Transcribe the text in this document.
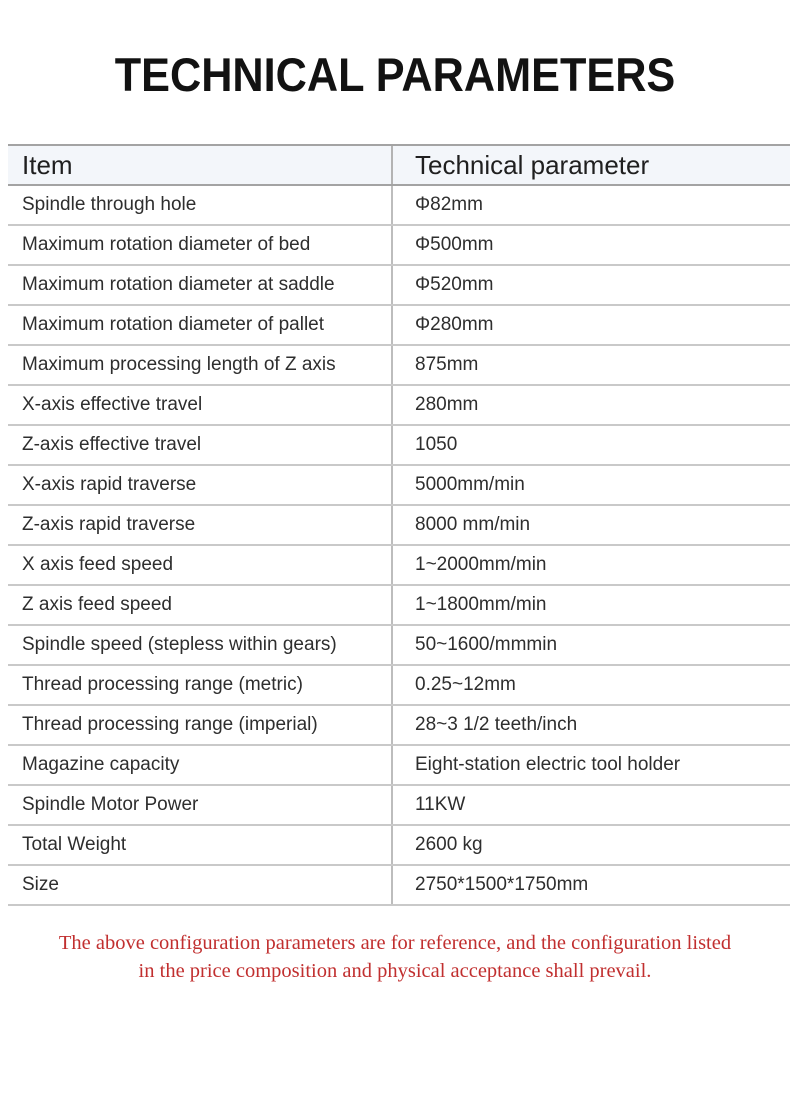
TECHNICAL PARAMETERS
Item	Technical parameter
Spindle through hole	Φ82mm
Maximum rotation diameter of bed	Φ500mm
Maximum rotation diameter at saddle	Φ520mm
Maximum rotation diameter of pallet	Φ280mm
Maximum processing length of Z axis	875mm
X-axis effective travel	280mm
Z-axis effective travel	1050
X-axis rapid traverse	5000mm/min
Z-axis rapid traverse	8000 mm/min
X axis feed speed	1~2000mm/min
Z axis feed speed	1~1800mm/min
Spindle speed (stepless within gears)	50~1600/mmmin
Thread processing range (metric)	0.25~12mm
Thread processing range (imperial)	28~3 1/2 teeth/inch
Magazine capacity	Eight-station electric tool holder
Spindle Motor Power	11KW
Total Weight	2600 kg
Size	2750*1500*1750mm
The above configuration parameters are for reference, and the configuration listed
in the price composition and physical acceptance shall prevail.
